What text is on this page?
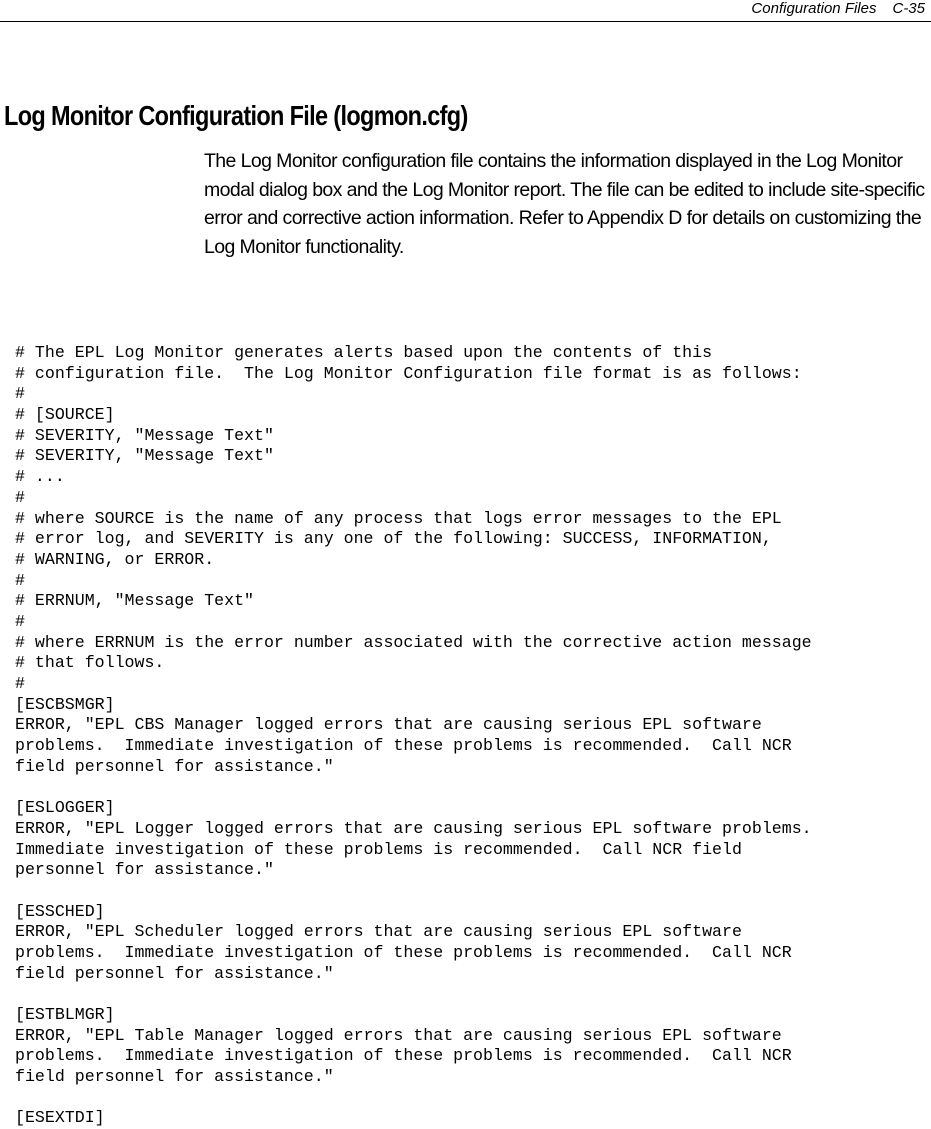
Configuration Files C-35
Log Monitor Configuration File (logmon.cfg)

The Log Monitor configuration file contains the information displayed in the Log Monitor modal dialog box and the Log Monitor report. The file can be edited to include site-specific error and corrective action information. Refer to Appendix D for details on customizing the Log Monitor functionality.

# The EPL Log Monitor generates alerts based upon the contents of this
# configuration file.  The Log Monitor Configuration file format is as follows:
#
# [SOURCE]
# SEVERITY, "Message Text"
# SEVERITY, "Message Text"
# ...
#
# where SOURCE is the name of any process that logs error messages to the EPL
# error log, and SEVERITY is any one of the following: SUCCESS, INFORMATION,
# WARNING, or ERROR.
#
# ERRNUM, "Message Text"
#
# where ERRNUM is the error number associated with the corrective action message
# that follows.
#
[ESCBSMGR]
ERROR, "EPL CBS Manager logged errors that are causing serious EPL software
problems.  Immediate investigation of these problems is recommended.  Call NCR
field personnel for assistance."
[ESLOGGER]
ERROR, "EPL Logger logged errors that are causing serious EPL software problems.
Immediate investigation of these problems is recommended.  Call NCR field
personnel for assistance."
[ESSCHED]
ERROR, "EPL Scheduler logged errors that are causing serious EPL software
problems.  Immediate investigation of these problems is recommended.  Call NCR
field personnel for assistance."
[ESTBLMGR]
ERROR, "EPL Table Manager logged errors that are causing serious EPL software
problems.  Immediate investigation of these problems is recommended.  Call NCR
field personnel for assistance."
[ESEXTDI]
